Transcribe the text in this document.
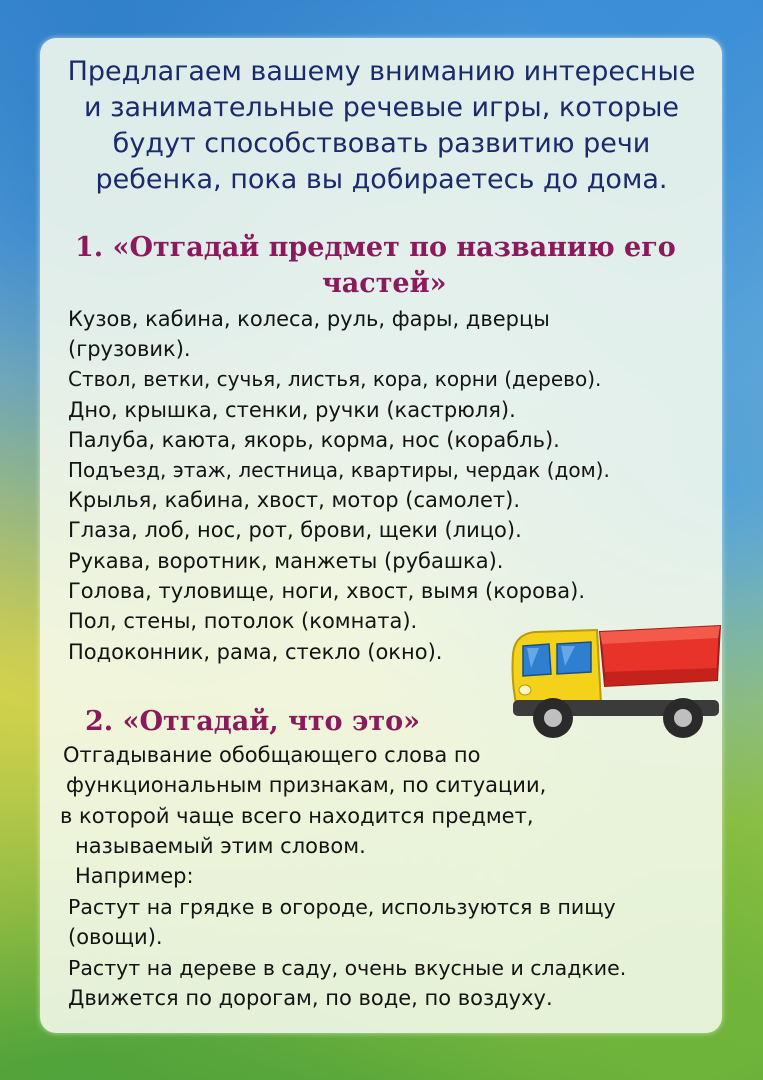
Предлагаем вашему вниманию интересные
и занимательные речевые игры, которые
будут способствовать развитию речи
ребенка, пока вы добираетесь до дома.
1. «Отгадай предмет по названию его
частей»
Кузов, кабина, колеса, руль, фары, дверцы
(грузовик).
Ствол, ветки, сучья, листья, кора, корни (дерево).
Дно, крышка, стенки, ручки (кастрюля).
Палуба, каюта, якорь, корма, нос (корабль).
Подъезд, этаж, лестница, квартиры, чердак (дом).
Крылья, кабина, хвост, мотор (самолет).
Глаза, лоб, нос, рот, брови, щеки (лицо).
Рукава, воротник, манжеты (рубашка).
Голова, туловище, ноги, хвост, вымя (корова).
Пол, стены, потолок (комната).
Подоконник, рама, стекло (окно).
2. «Отгадай, что это»
Отгадывание обобщающего слова по
функциональным признакам, по ситуации,
в которой чаще всего находится предмет,
называемый этим словом.
Например:
Растут на грядке в огороде, используются в пищу
(овощи).
Растут на дереве в саду, очень вкусные и сладкие.
Движется по дорогам, по воде, по воздуху.
